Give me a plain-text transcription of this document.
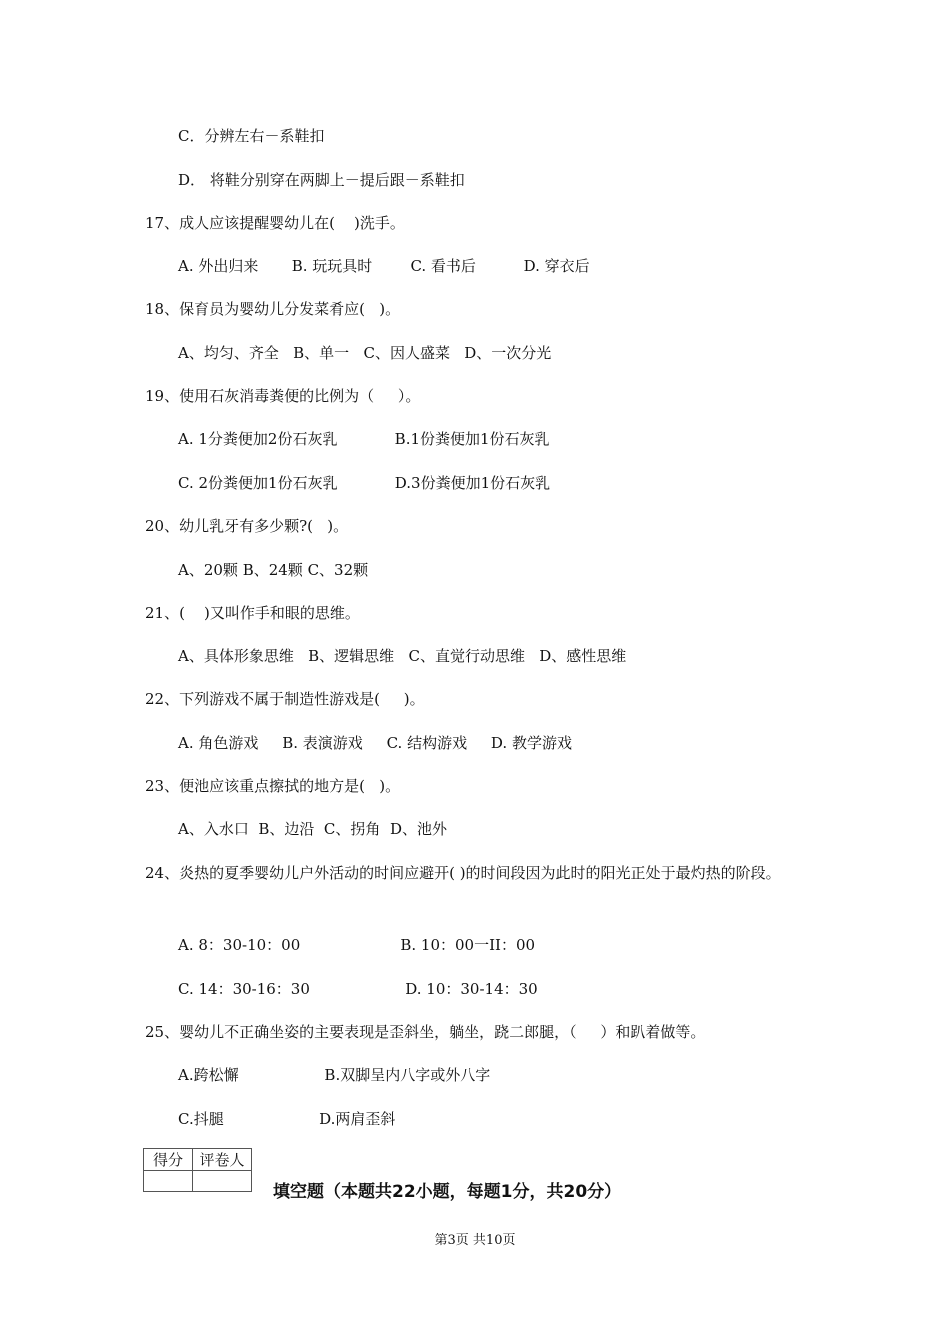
C．分辨左右－系鞋扣
D． 将鞋分别穿在两脚上－提后跟－系鞋扣
17、成人应该提醒婴幼儿在(    )洗手。
A. 外出归来       B. 玩玩具时        C. 看书后          D. 穿衣后
18、保育员为婴幼儿分发菜肴应(   )。
A、均匀、齐全   B、单一   C、因人盛菜   D、一次分光
19、使用石灰消毒粪便的比例为（     ）。
A. 1分粪便加2份石灰乳            B.1份粪便加1份石灰乳
C. 2份粪便加1份石灰乳            D.3份粪便加1份石灰乳
20、幼儿乳牙有多少颗?(   )。
A、20颗 B、24颗 C、32颗
21、(    )又叫作手和眼的思维。
A、具体形象思维   B、逻辑思维   C、直觉行动思维   D、感性思维
22、下列游戏不属于制造性游戏是(     )。
A. 角色游戏     B. 表演游戏     C. 结构游戏     D. 教学游戏
23、便池应该重点擦拭的地方是(   )。
A、入水口  B、边沿  C、拐角  D、池外
24、炎热的夏季婴幼儿户外活动的时间应避开( )的时间段因为此时的阳光正处于最灼热的阶段。
A. 8：30-10：00                     B. 10：00一II：00
C. 14：30-16：30                    D. 10：30-14：30
25、婴幼儿不正确坐姿的主要表现是歪斜坐，躺坐，跷二郎腿，（     ）和趴着做等。
A.跨松懈                  B.双脚呈内八字或外八字
C.抖腿                    D.两肩歪斜
得分	评卷人

填空题（本题共22小题，每题1分，共20分）
第3页 共10页
